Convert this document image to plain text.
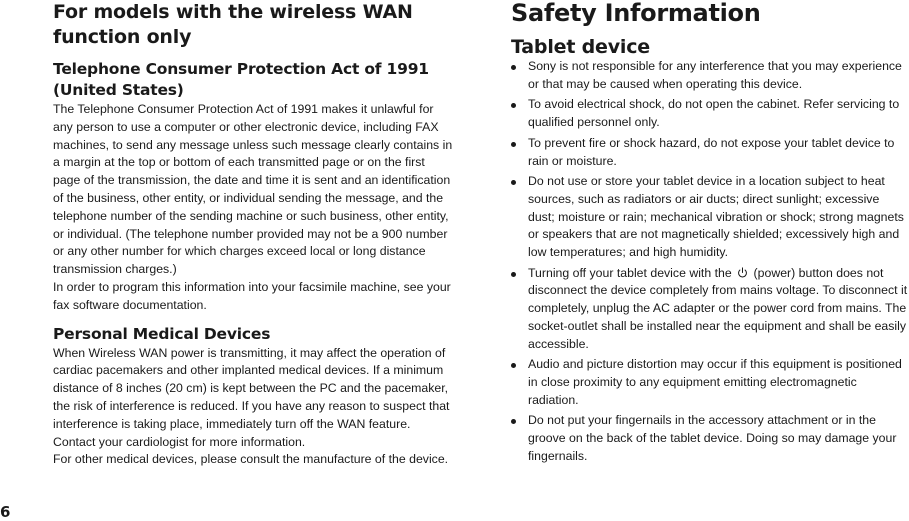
6
For models with the wireless WAN function only
Telephone Consumer Protection Act of 1991 (United States)

The Telephone Consumer Protection Act of 1991 makes it unlawful for any person to use a computer or other electronic device, including FAX machines, to send any message unless such message clearly contains in a margin at the top or bottom of each transmitted page or on the first page of the transmission, the date and time it is sent and an identification of the business, other entity, or individual sending the message, and the telephone number of the sending machine or such business, other entity, or individual. (The telephone number provided may not be a 900 number or any other number for which charges exceed local or long distance transmission charges.)

In order to program this information into your facsimile machine, see your fax software documentation.

Personal Medical Devices

When Wireless WAN power is transmitting, it may affect the operation of cardiac pacemakers and other implanted medical devices. If a minimum distance of 8 inches (20 cm) is kept between the PC and the pacemaker, the risk of interference is reduced. If you have any reason to suspect that interference is taking place, immediately turn off the WAN feature. Contact your cardiologist for more information.

For other medical devices, please consult the manufacture of the device.

Safety Information
Tablet device
Sony is not responsible for any interference that you may experience or that may be caused when operating this device.
To avoid electrical shock, do not open the cabinet. Refer servicing to qualified personnel only.
To prevent fire or shock hazard, do not expose your tablet device to rain or moisture.
Do not use or store your tablet device in a location subject to heat sources, such as radiators or air ducts; direct sunlight; excessive dust; moisture or rain; mechanical vibration or shock; strong magnets or speakers that are not magnetically shielded; excessively high and low temperatures; and high humidity.
Turning off your tablet device with the (power) button does not disconnect the device completely from mains voltage. To disconnect it completely, unplug the AC adapter or the power cord from mains. The socket-outlet shall be installed near the equipment and shall be easily accessible.
Audio and picture distortion may occur if this equipment is positioned in close proximity to any equipment emitting electromagnetic radiation.
Do not put your fingernails in the accessory attachment or in the groove on the back of the tablet device. Doing so may damage your fingernails.
